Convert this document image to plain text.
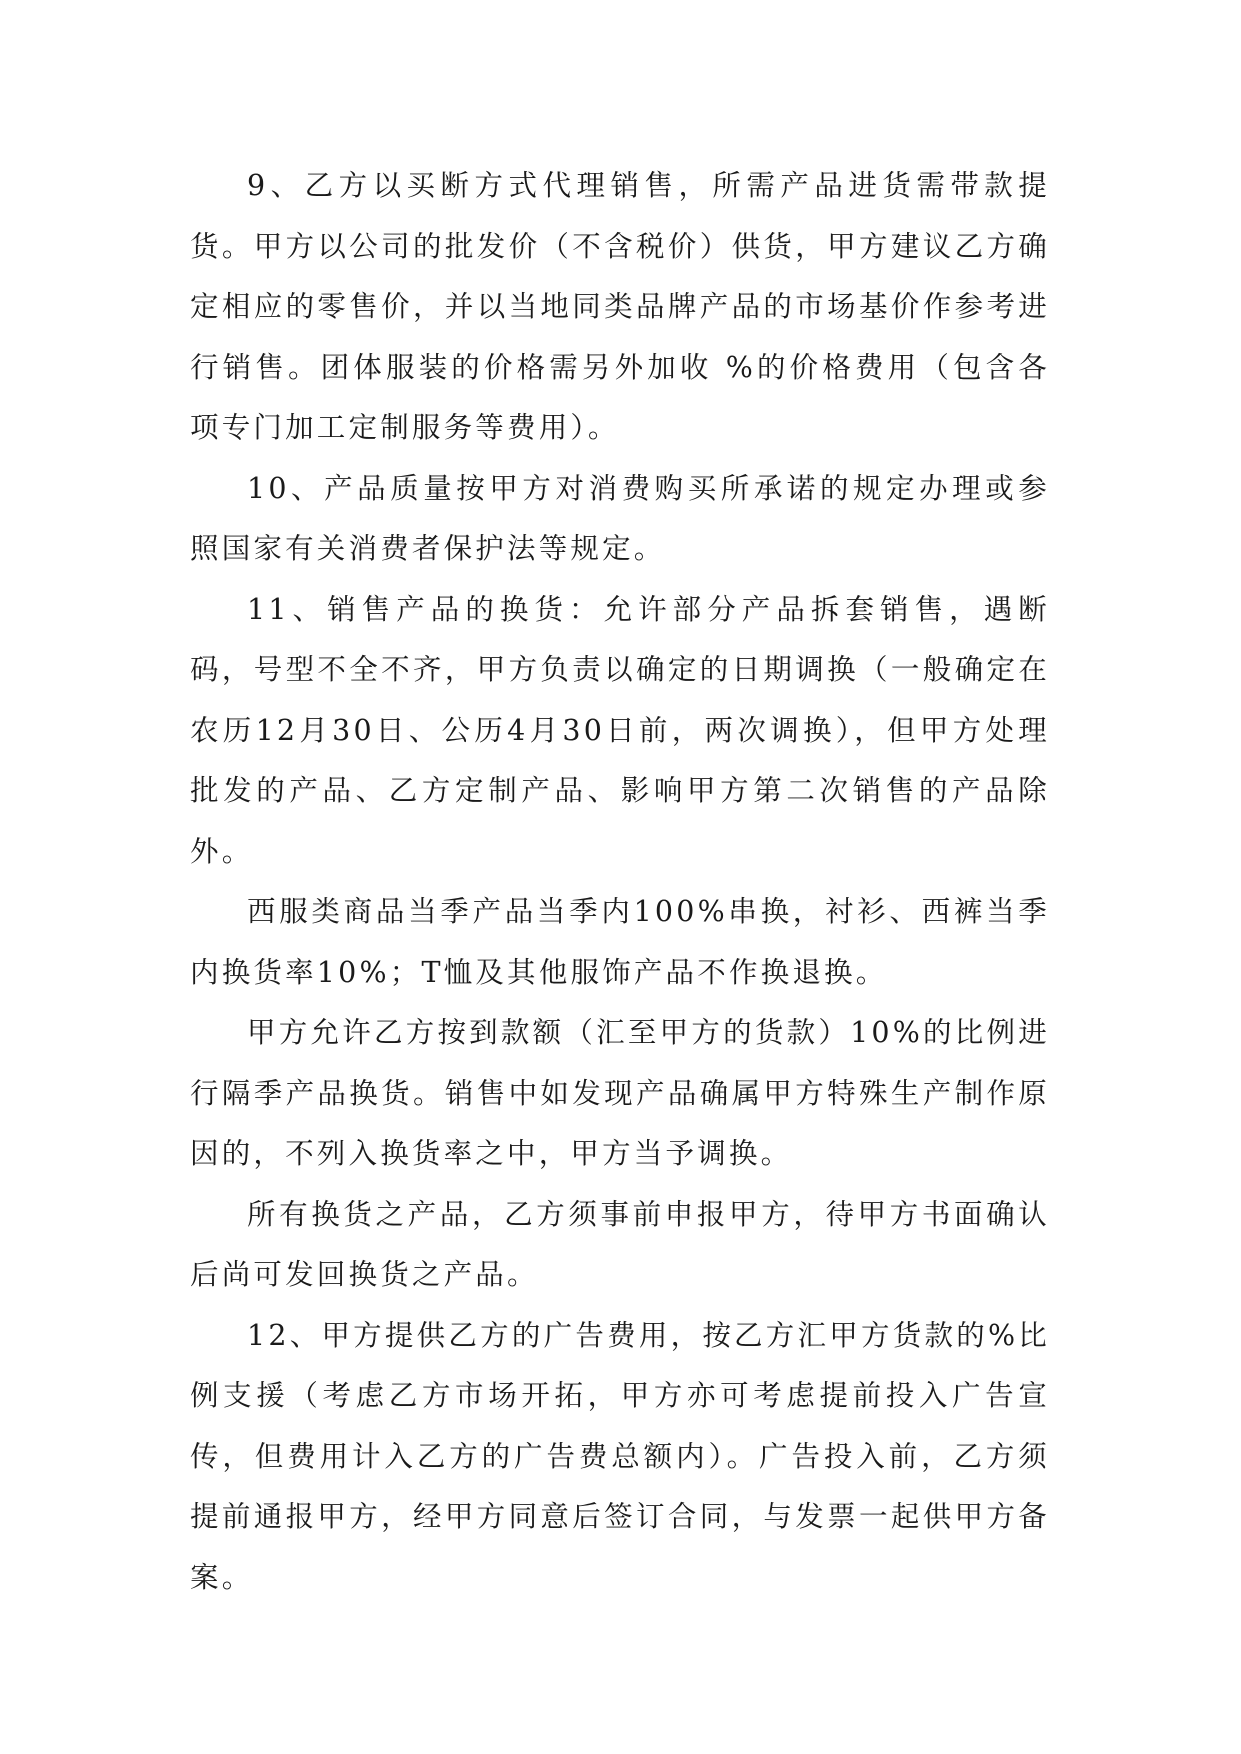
9、乙方以买断方式代理销售，所需产品进货需带款提货。甲方以公司的批发价（不含税价）供货，甲方建议乙方确定相应的零售价，并以当地同类品牌产品的市场基价作参考进行销售。团体服装的价格需另外加收 %的价格费用（包含各项专门加工定制服务等费用）。

10、产品质量按甲方对消费购买所承诺的规定办理或参照国家有关消费者保护法等规定。

11、销售产品的换货：允许部分产品拆套销售，遇断码，号型不全不齐，甲方负责以确定的日期调换（一般确定在农历12月30日、公历4月30日前，两次调换），但甲方处理批发的产品、乙方定制产品、影响甲方第二次销售的产品除外。

西服类商品当季产品当季内100%串换，衬衫、西裤当季内换货率10%；T恤及其他服饰产品不作换退换。

甲方允许乙方按到款额（汇至甲方的货款）10%的比例进行隔季产品换货。销售中如发现产品确属甲方特殊生产制作原因的，不列入换货率之中，甲方当予调换。

所有换货之产品，乙方须事前申报甲方，待甲方书面确认后尚可发回换货之产品。

12、甲方提供乙方的广告费用，按乙方汇甲方货款的%比例支援（考虑乙方市场开拓，甲方亦可考虑提前投入广告宣传，但费用计入乙方的广告费总额内）。广告投入前，乙方须提前通报甲方，经甲方同意后签订合同，与发票一起供甲方备案。
